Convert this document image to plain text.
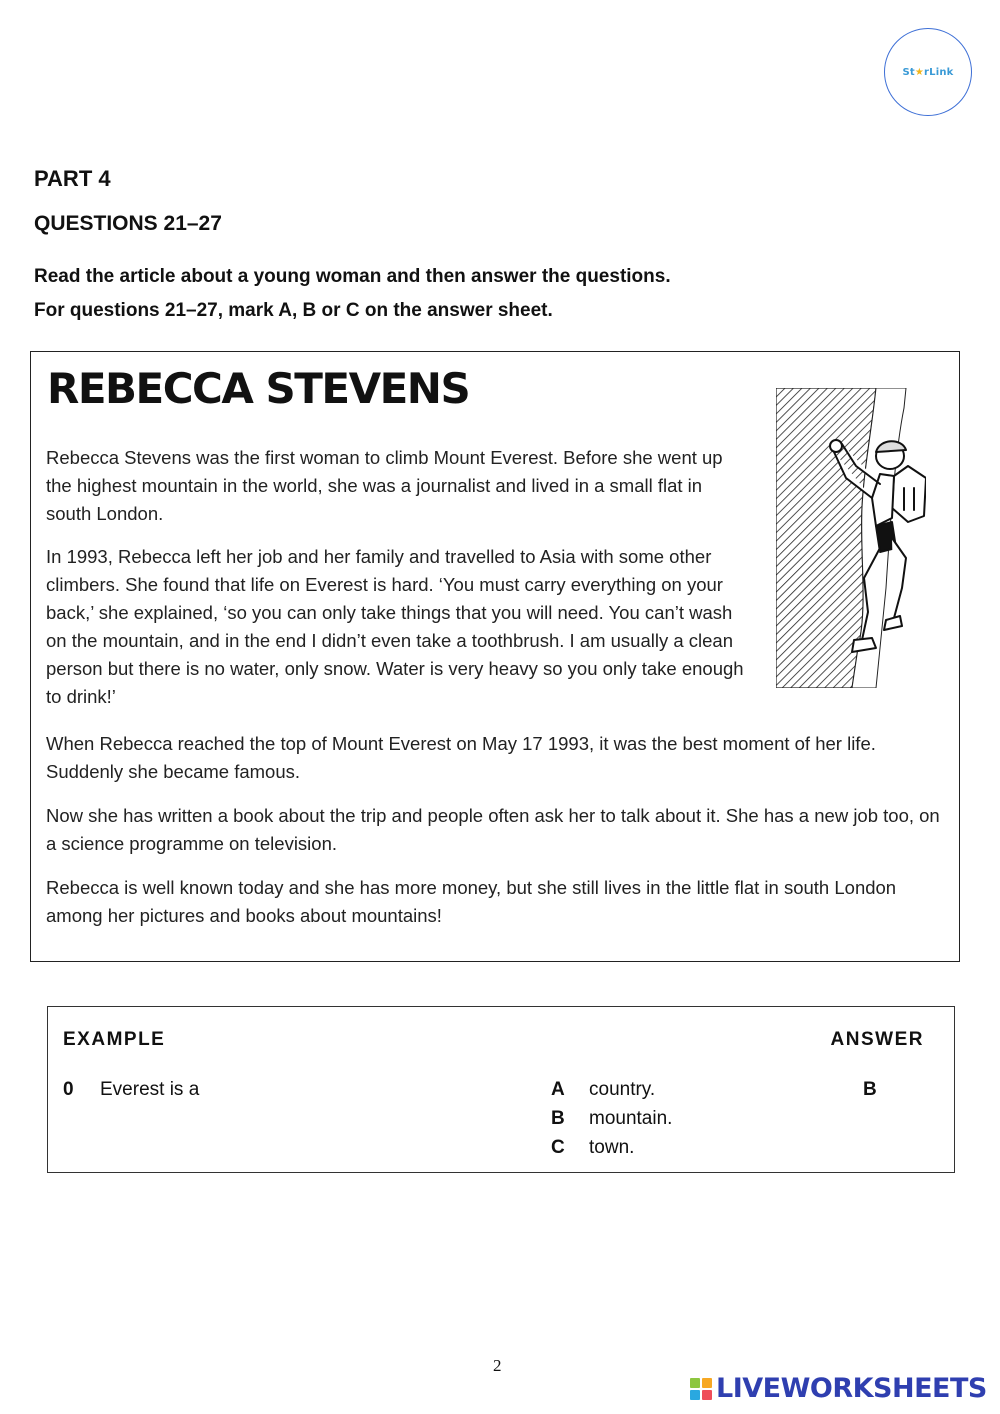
St★rLink
PART 4
QUESTIONS 21–27
Read the article about a young woman and then answer the questions.
For questions 21–27, mark A, B or C on the answer sheet.
REBECCA STEVENS

Rebecca Stevens was the first woman to climb Mount Everest. Before she went up the highest mountain in the world, she was a journalist and lived in a small flat in south London.

In 1993, Rebecca left her job and her family and travelled to Asia with some other climbers. She found that life on Everest is hard. ‘You must carry everything on your back,’ she explained, ‘so you can only take things that you will need. You can’t wash on the mountain, and in the end I didn’t even take a toothbrush. I am usually a clean person but there is no water, only snow. Water is very heavy so you only take enough to drink!’

When Rebecca reached the top of Mount Everest on May 17 1993, it was the best moment of her life. Suddenly she became famous.

Now she has written a book about the trip and people often ask her to talk about it. She has a new job too, on a science programme on television.

Rebecca is well known today and she has more money, but she still lives in the little flat in south London among her pictures and books about mountains!

EXAMPLE	ANSWER
0 Everest is a	A country.
B mountain.
C town.
B
2
LIVEWORKSHEETS
